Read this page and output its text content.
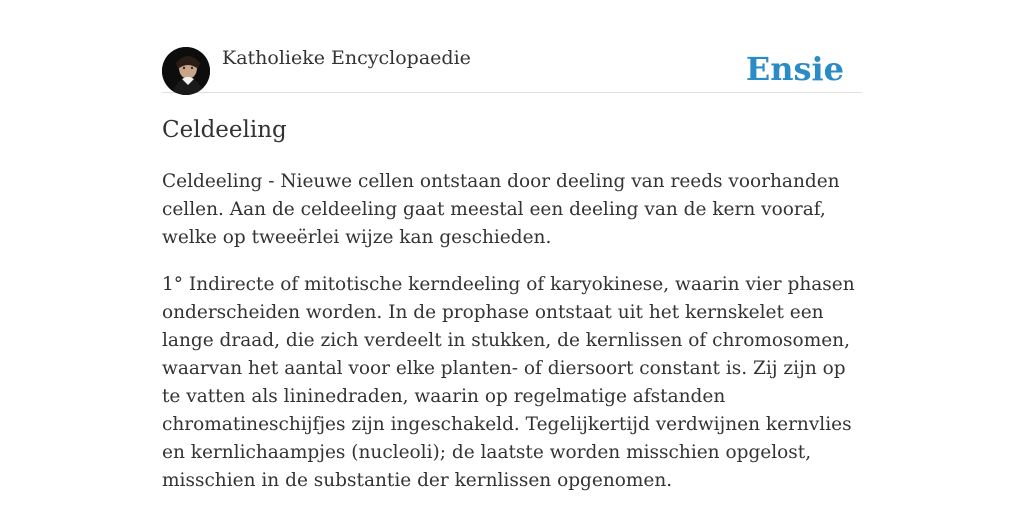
Katholieke Encyclopaedie	Ensie
Celdeeling

Celdeeling - Nieuwe cellen ontstaan door deeling van reeds voorhanden cellen. Aan de celdeeling gaat meestal een deeling van de kern vooraf, welke op tweeërlei wijze kan geschieden.

1° Indirecte of mitotische kerndeeling of karyokinese, waarin vier phasen onderscheiden worden. In de prophase ontstaat uit het kernskelet een lange draad, die zich verdeelt in stukken, de kernlissen of chromosomen, waarvan het aantal voor elke planten- of diersoort constant is. Zij zijn op te vatten als lininedraden, waarin op regelmatige afstanden chromatineschijfjes zijn ingeschakeld. Tegelijkertijd verdwijnen kernvlies en kernlichaampjes (nucleoli); de laatste worden misschien opgelost, misschien in de substantie der kernlissen opgenomen.
